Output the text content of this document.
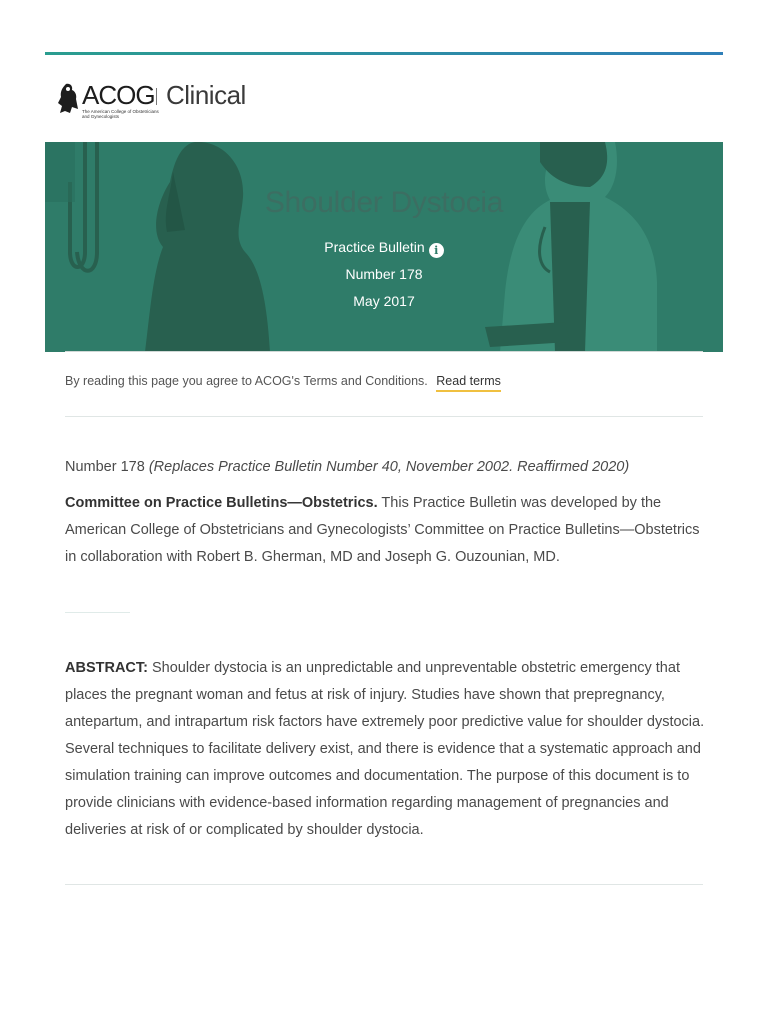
ACOG
The American College of Obstetricians and Gynecologists
Clinical
Shoulder Dystocia
Practice Bulletin i
Number 178
May 2017
By reading this page you agree to ACOG's Terms and Conditions. Read terms
Number 178 (Replaces Practice Bulletin Number 40, November 2002. Reaffirmed 2020)
Committee on Practice Bulletins—Obstetrics. This Practice Bulletin was developed by the American College of Obstetricians and Gynecologists’ Committee on Practice Bulletins—Obstetrics in collaboration with Robert B. Gherman, MD and Joseph G. Ouzounian, MD.
ABSTRACT: Shoulder dystocia is an unpredictable and unpreventable obstetric emergency that places the pregnant woman and fetus at risk of injury. Studies have shown that prepregnancy, antepartum, and intrapartum risk factors have extremely poor predictive value for shoulder dystocia. Several techniques to facilitate delivery exist, and there is evidence that a systematic approach and simulation training can improve outcomes and documentation. The purpose of this document is to provide clinicians with evidence-based information regarding management of pregnancies and deliveries at risk of or complicated by shoulder dystocia.
